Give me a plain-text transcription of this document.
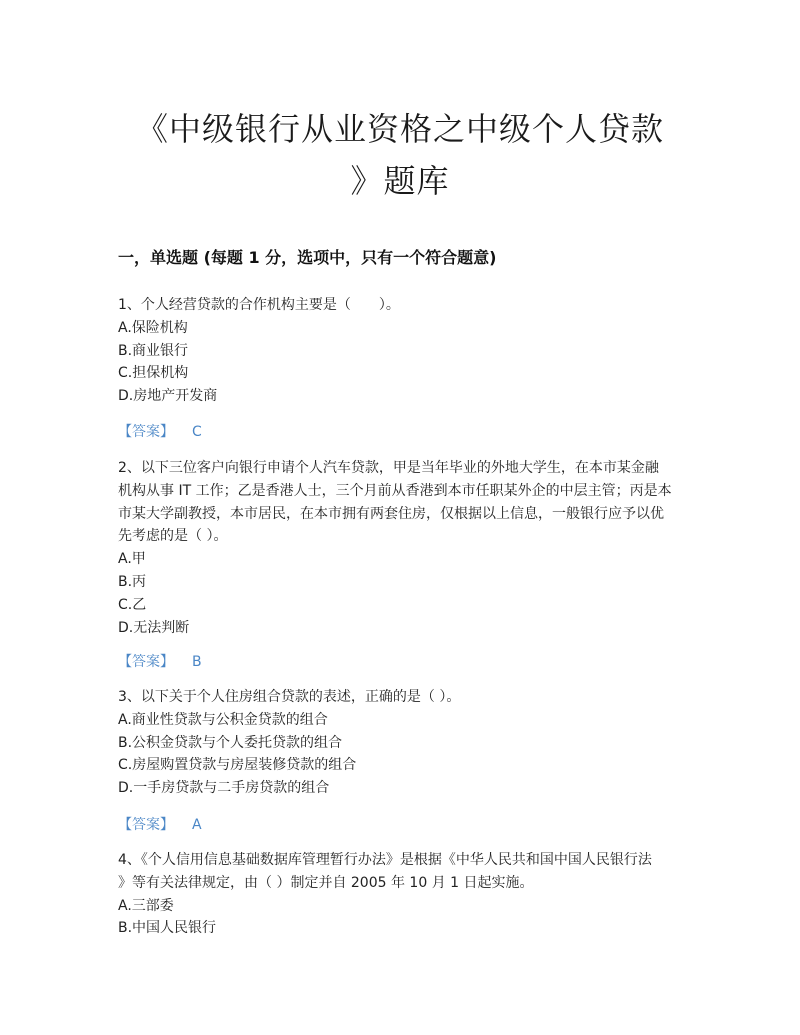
《中级银行从业资格之中级个人贷款
》题库
一，单选题 (每题 1 分，选项中，只有一个符合题意)
1、个人经营贷款的合作机构主要是（　　）。
A.保险机构
B.商业银行
C.担保机构
D.房地产开发商
【答案】 C
2、以下三位客户向银行申请个人汽车贷款，甲是当年毕业的外地大学生，在本市某金融
机构从事 IT 工作；乙是香港人士，三个月前从香港到本市任职某外企的中层主管；丙是本
市某大学副教授，本市居民，在本市拥有两套住房，仅根据以上信息，一般银行应予以优
先考虑的是（ ）。
A.甲
B.丙
C.乙
D.无法判断
【答案】 B
3、以下关于个人住房组合贷款的表述，正确的是（ ）。
A.商业性贷款与公积金贷款的组合
B.公积金贷款与个人委托贷款的组合
C.房屋购置贷款与房屋装修贷款的组合
D.一手房贷款与二手房贷款的组合
【答案】 A
4、《个人信用信息基础数据库管理暂行办法》是根据《中华人民共和国中国人民银行法
》等有关法律规定，由（ ）制定并自 2005 年 10 月 1 日起实施。
A.三部委
B.中国人民银行
